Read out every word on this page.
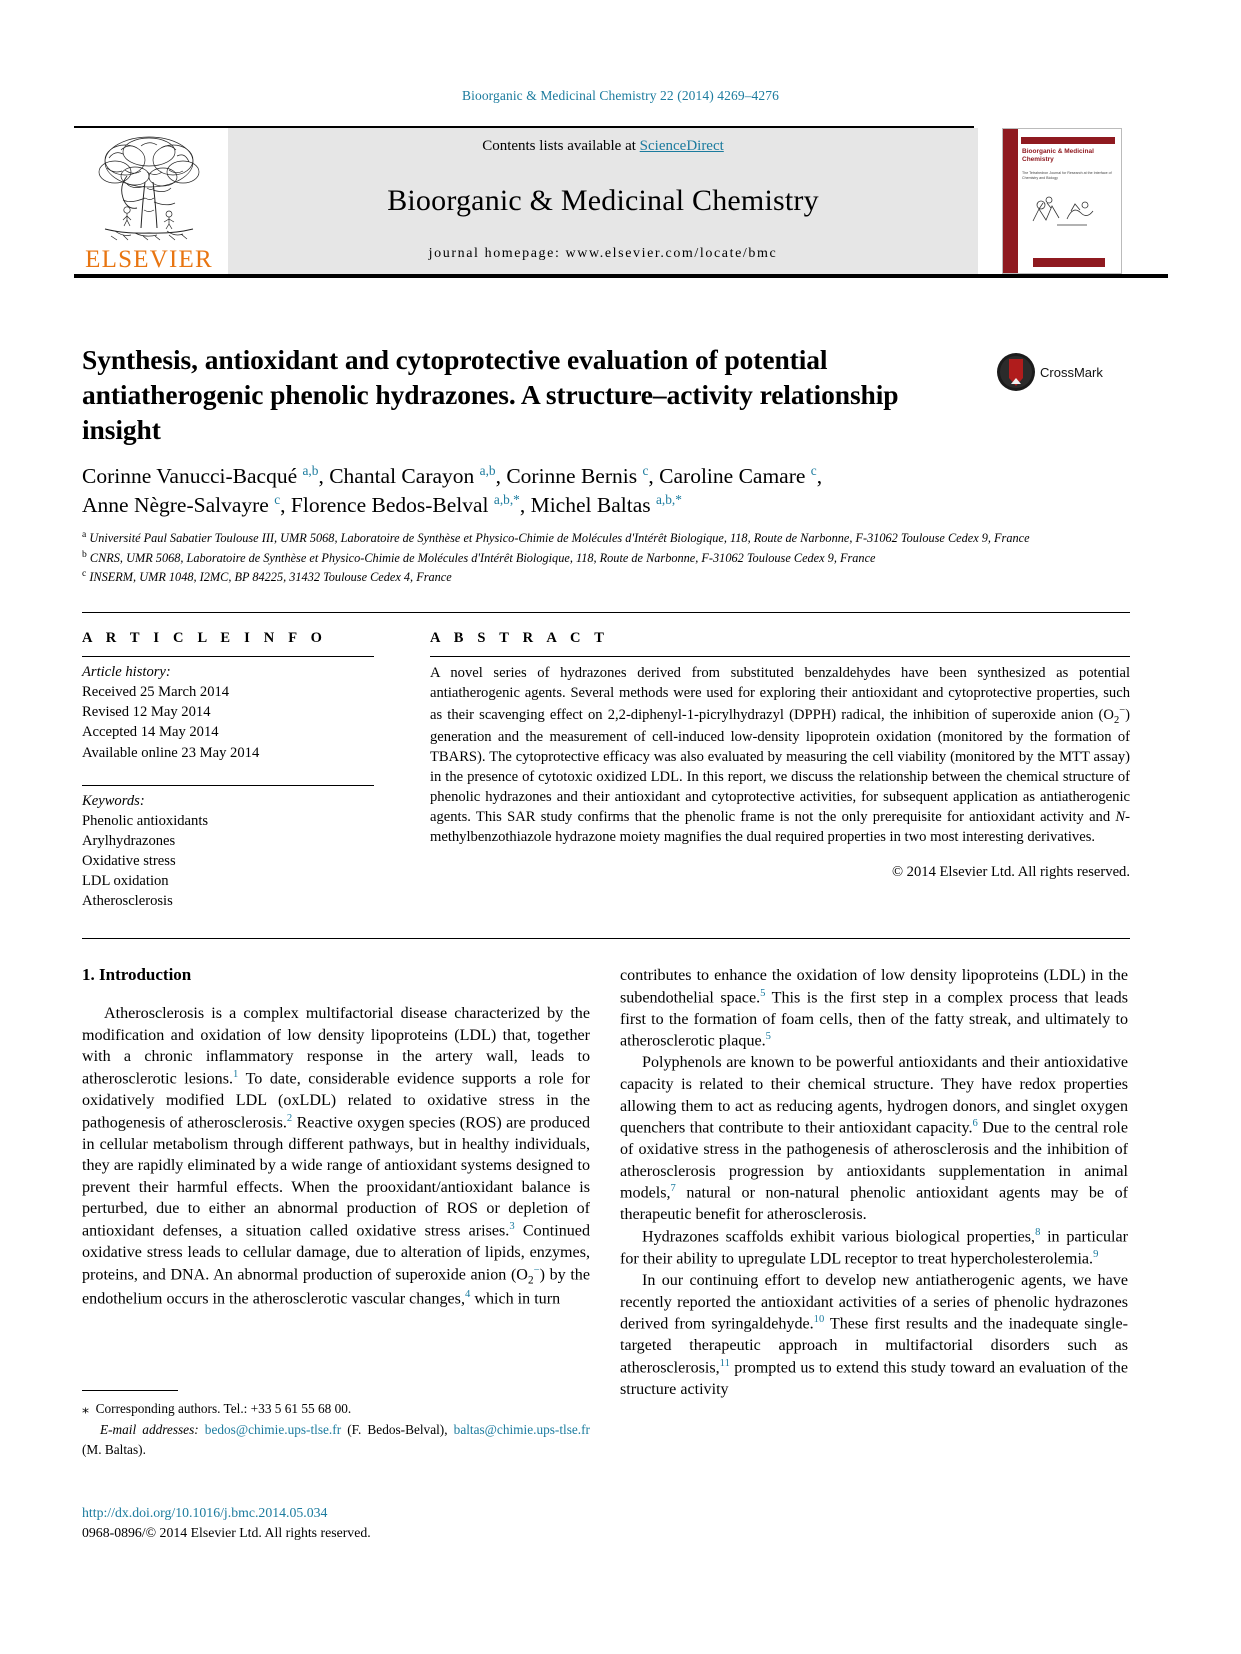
Bioorganic & Medicinal Chemistry 22 (2014) 4269–4276
ELSEVIER
Contents lists available at ScienceDirect
Bioorganic & Medicinal Chemistry
journal homepage: www.elsevier.com/locate/bmc
Bioorganic & Medicinal Chemistry
The Tetrahedron Journal for Research at the Interface of Chemistry and Biology
Synthesis, antioxidant and cytoprotective evaluation of potential antiatherogenic phenolic hydrazones. A structure–activity relationship insight
CrossMark
Corinne Vanucci-Bacqué $^{a,b}$, Chantal Carayon $^{a,b}$, Corinne Bernis $^c$, Caroline Camare $^c$,
Anne Nègre-Salvayre $^c$, Florence Bedos-Belval $^{a,b,*}$, Michel Baltas $^{a,b,*}$
$^a$ Université Paul Sabatier Toulouse III, UMR 5068, Laboratoire de Synthèse et Physico-Chimie de Molécules d'Intérêt Biologique, 118, Route de Narbonne, F-31062 Toulouse Cedex 9, France
$^b$ CNRS, UMR 5068, Laboratoire de Synthèse et Physico-Chimie de Molécules d'Intérêt Biologique, 118, Route de Narbonne, F-31062 Toulouse Cedex 9, France
$^c$ INSERM, UMR 1048, I2MC, BP 84225, 31432 Toulouse Cedex 4, France
A R T I C L E I N F O
Article history:
Received 25 March 2014
Revised 12 May 2014
Accepted 14 May 2014
Available online 23 May 2014
Keywords:
Phenolic antioxidants
Arylhydrazones
Oxidative stress
LDL oxidation
Atherosclerosis
A B S T R A C T
A novel series of hydrazones derived from substituted benzaldehydes have been synthesized as potential antiatherogenic agents. Several methods were used for exploring their antioxidant and cytoprotective properties, such as their scavenging effect on 2,2-diphenyl-1-picrylhydrazyl (DPPH) radical, the inhibition of superoxide anion $(O_2^-)$ generation and the measurement of cell-induced low-density lipoprotein oxidation (monitored by the formation of TBARS). The cytoprotective efficacy was also evaluated by measuring the cell viability (monitored by the MTT assay) in the presence of cytotoxic oxidized LDL. In this report, we discuss the relationship between the chemical structure of phenolic hydrazones and their antioxidant and cytoprotective activities, for subsequent application as antiatherogenic agents. This SAR study confirms that the phenolic frame is not the only prerequisite for antioxidant activity and N-methylbenzothiazole hydrazone moiety magnifies the dual required properties in two most interesting derivatives.
© 2014 Elsevier Ltd. All rights reserved.
1. Introduction

Atherosclerosis is a complex multifactorial disease characterized by the modification and oxidation of low density lipoproteins (LDL) that, together with a chronic inflammatory response in the artery wall, leads to atherosclerotic lesions.$^1$ To date, considerable evidence supports a role for oxidatively modified LDL (oxLDL) related to oxidative stress in the pathogenesis of atherosclerosis.$^2$ Reactive oxygen species (ROS) are produced in cellular metabolism through different pathways, but in healthy individuals, they are rapidly eliminated by a wide range of antioxidant systems designed to prevent their harmful effects. When the prooxidant/antioxidant balance is perturbed, due to either an abnormal production of ROS or depletion of antioxidant defenses, a situation called oxidative stress arises.$^3$ Continued oxidative stress leads to cellular damage, due to alteration of lipids, enzymes, proteins, and DNA. An abnormal production of superoxide anion $(O_2^-)$ by the endothelium occurs in the atherosclerotic vascular changes,$^4$ which in turn

contributes to enhance the oxidation of low density lipoproteins (LDL) in the subendothelial space.$^5$ This is the first step in a complex process that leads first to the formation of foam cells, then of the fatty streak, and ultimately to atherosclerotic plaque.$^5$

Polyphenols are known to be powerful antioxidants and their antioxidative capacity is related to their chemical structure. They have redox properties allowing them to act as reducing agents, hydrogen donors, and singlet oxygen quenchers that contribute to their antioxidant capacity.$^6$ Due to the central role of oxidative stress in the pathogenesis of atherosclerosis and the inhibition of atherosclerosis progression by antioxidants supplementation in animal models,$^7$ natural or non-natural phenolic antioxidant agents may be of therapeutic benefit for atherosclerosis.

Hydrazones scaffolds exhibit various biological properties,$^8$ in particular for their ability to upregulate LDL receptor to treat hypercholesterolemia.$^9$

In our continuing effort to develop new antiatherogenic agents, we have recently reported the antioxidant activities of a series of phenolic hydrazones derived from syringaldehyde.$^{10}$ These first results and the inadequate single-targeted therapeutic approach in multifactorial disorders such as atherosclerosis,$^{11}$ prompted us to extend this study toward an evaluation of the structure activity

⁎  Corresponding authors. Tel.: +33 5 61 55 68 00.
E-mail addresses: bedos@chimie.ups-tlse.fr (F. Bedos-Belval), baltas@chimie.ups-tlse.fr (M. Baltas).
http://dx.doi.org/10.1016/j.bmc.2014.05.034
0968-0896/© 2014 Elsevier Ltd. All rights reserved.
